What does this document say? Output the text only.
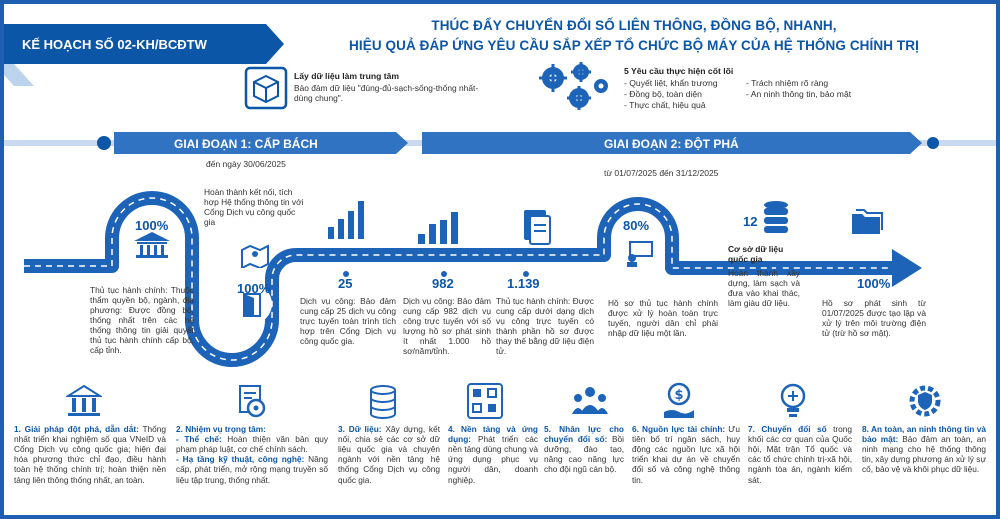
KẾ HOẠCH SỐ 02-KH/BCĐTW
THÚC ĐẨY CHUYỂN ĐỔI SỐ LIÊN THÔNG, ĐỒNG BỘ, NHANH,
HIỆU QUẢ ĐÁP ỨNG YÊU CẦU SẮP XẾP TỔ CHỨC BỘ MÁY CỦA HỆ THỐNG CHÍNH TRỊ
Lấy dữ liệu làm trung tâm
Bảo đảm dữ liệu "đúng-đủ-sạch-sống-thống nhất-dùng chung".
5 Yêu cầu thực hiện cốt lõi
- Quyết liệt, khẩn trương
- Đồng bộ, toàn diện
- Thực chất, hiệu quả
- Trách nhiệm rõ ràng
- An ninh thông tin, bảo mật
GIAI ĐOẠN 1: CẤP BÁCH
đến ngày 30/06/2025
GIAI ĐOẠN 2: ĐỘT PHÁ
từ 01/07/2025 đến 31/12/2025
100%
Thủ tục hành chính: Thuộc thẩm quyền bộ, ngành, địa phương: Được đồng bộ, thống nhất trên các hệ thống thông tin giải quyết thủ tục hành chính cấp bộ, cấp tỉnh.
Hoàn thành kết nối, tích hợp Hệ thống thông tin với Cổng Dịch vụ công quốc gia
100%	25
Dịch vụ công: Bảo đảm cung cấp 25 dịch vụ công trực tuyến toàn trình tích hợp trên Cổng Dịch vụ công quốc gia.
982
Dịch vụ công: Bảo đảm cung cấp 982 dịch vụ công trực tuyến với số lượng hồ sơ phát sinh ít nhất 1.000 hồ sơ/năm/tỉnh.
1.139
Thủ tục hành chính: Được cung cấp dưới dạng dịch vụ công trực tuyến có thành phần hồ sơ được thay thế bằng dữ liệu điện tử.
80%
Hồ sơ thủ tục hành chính được xử lý hoàn toàn trực tuyến, người dân chỉ phải nhập dữ liệu một lần.
12
Cơ sở dữ liệu quốc gia
Hoàn thành xây dựng, làm sạch và đưa vào khai thác, làm giàu dữ liệu.
100%
Hồ sơ phát sinh từ 01/07/2025 được tạo lập và xử lý trên môi trường điện tử (trừ hồ sơ mật).
$
1. Giải pháp đột phá, dẫn dắt: Thống nhất triển khai nghiệm số qua VNeID và Cổng Dịch vụ công quốc gia; hiện đại hóa phương thức chỉ đạo, điều hành toàn hệ thống chính trị; hoàn thiện nền tảng liên thông thống nhất, an toàn.
2. Nhiệm vụ trọng tâm:
- Thể chế: Hoàn thiện văn bản quy phạm pháp luật, cơ chế chính sách.
- Hạ tầng kỹ thuật, công nghệ: Nâng cấp, phát triển, mở rộng mạng truyền số liệu tập trung, thống nhất.
3. Dữ liệu: Xây dựng, kết nối, chia sẻ các cơ sở dữ liệu quốc gia và chuyên ngành với nền tảng hệ thống Cổng Dịch vụ công quốc gia.
4. Nền tảng và ứng dụng: Phát triển các nền tảng dùng chung và ứng dụng phục vụ người dân, doanh nghiệp.
5. Nhân lực cho chuyển đổi số: Bồi dưỡng, đào tạo, nâng cao năng lực cho đội ngũ cán bộ.
6. Nguồn lực tài chính: Ưu tiên bố trí ngân sách, huy động các nguồn lực xã hội triển khai dự án về chuyển đổi số và công nghệ thông tin.
7. Chuyển đổi số trong khối các cơ quan của Quốc hội, Mặt trận Tổ quốc và các tổ chức chính trị-xã hội, ngành tòa án, ngành kiểm sát.
8. An toàn, an ninh thông tin và bảo mật: Bảo đảm an toàn, an ninh mạng cho hệ thống thông tin, xây dựng phương án xử lý sự cố, bảo vệ và khôi phục dữ liệu.
